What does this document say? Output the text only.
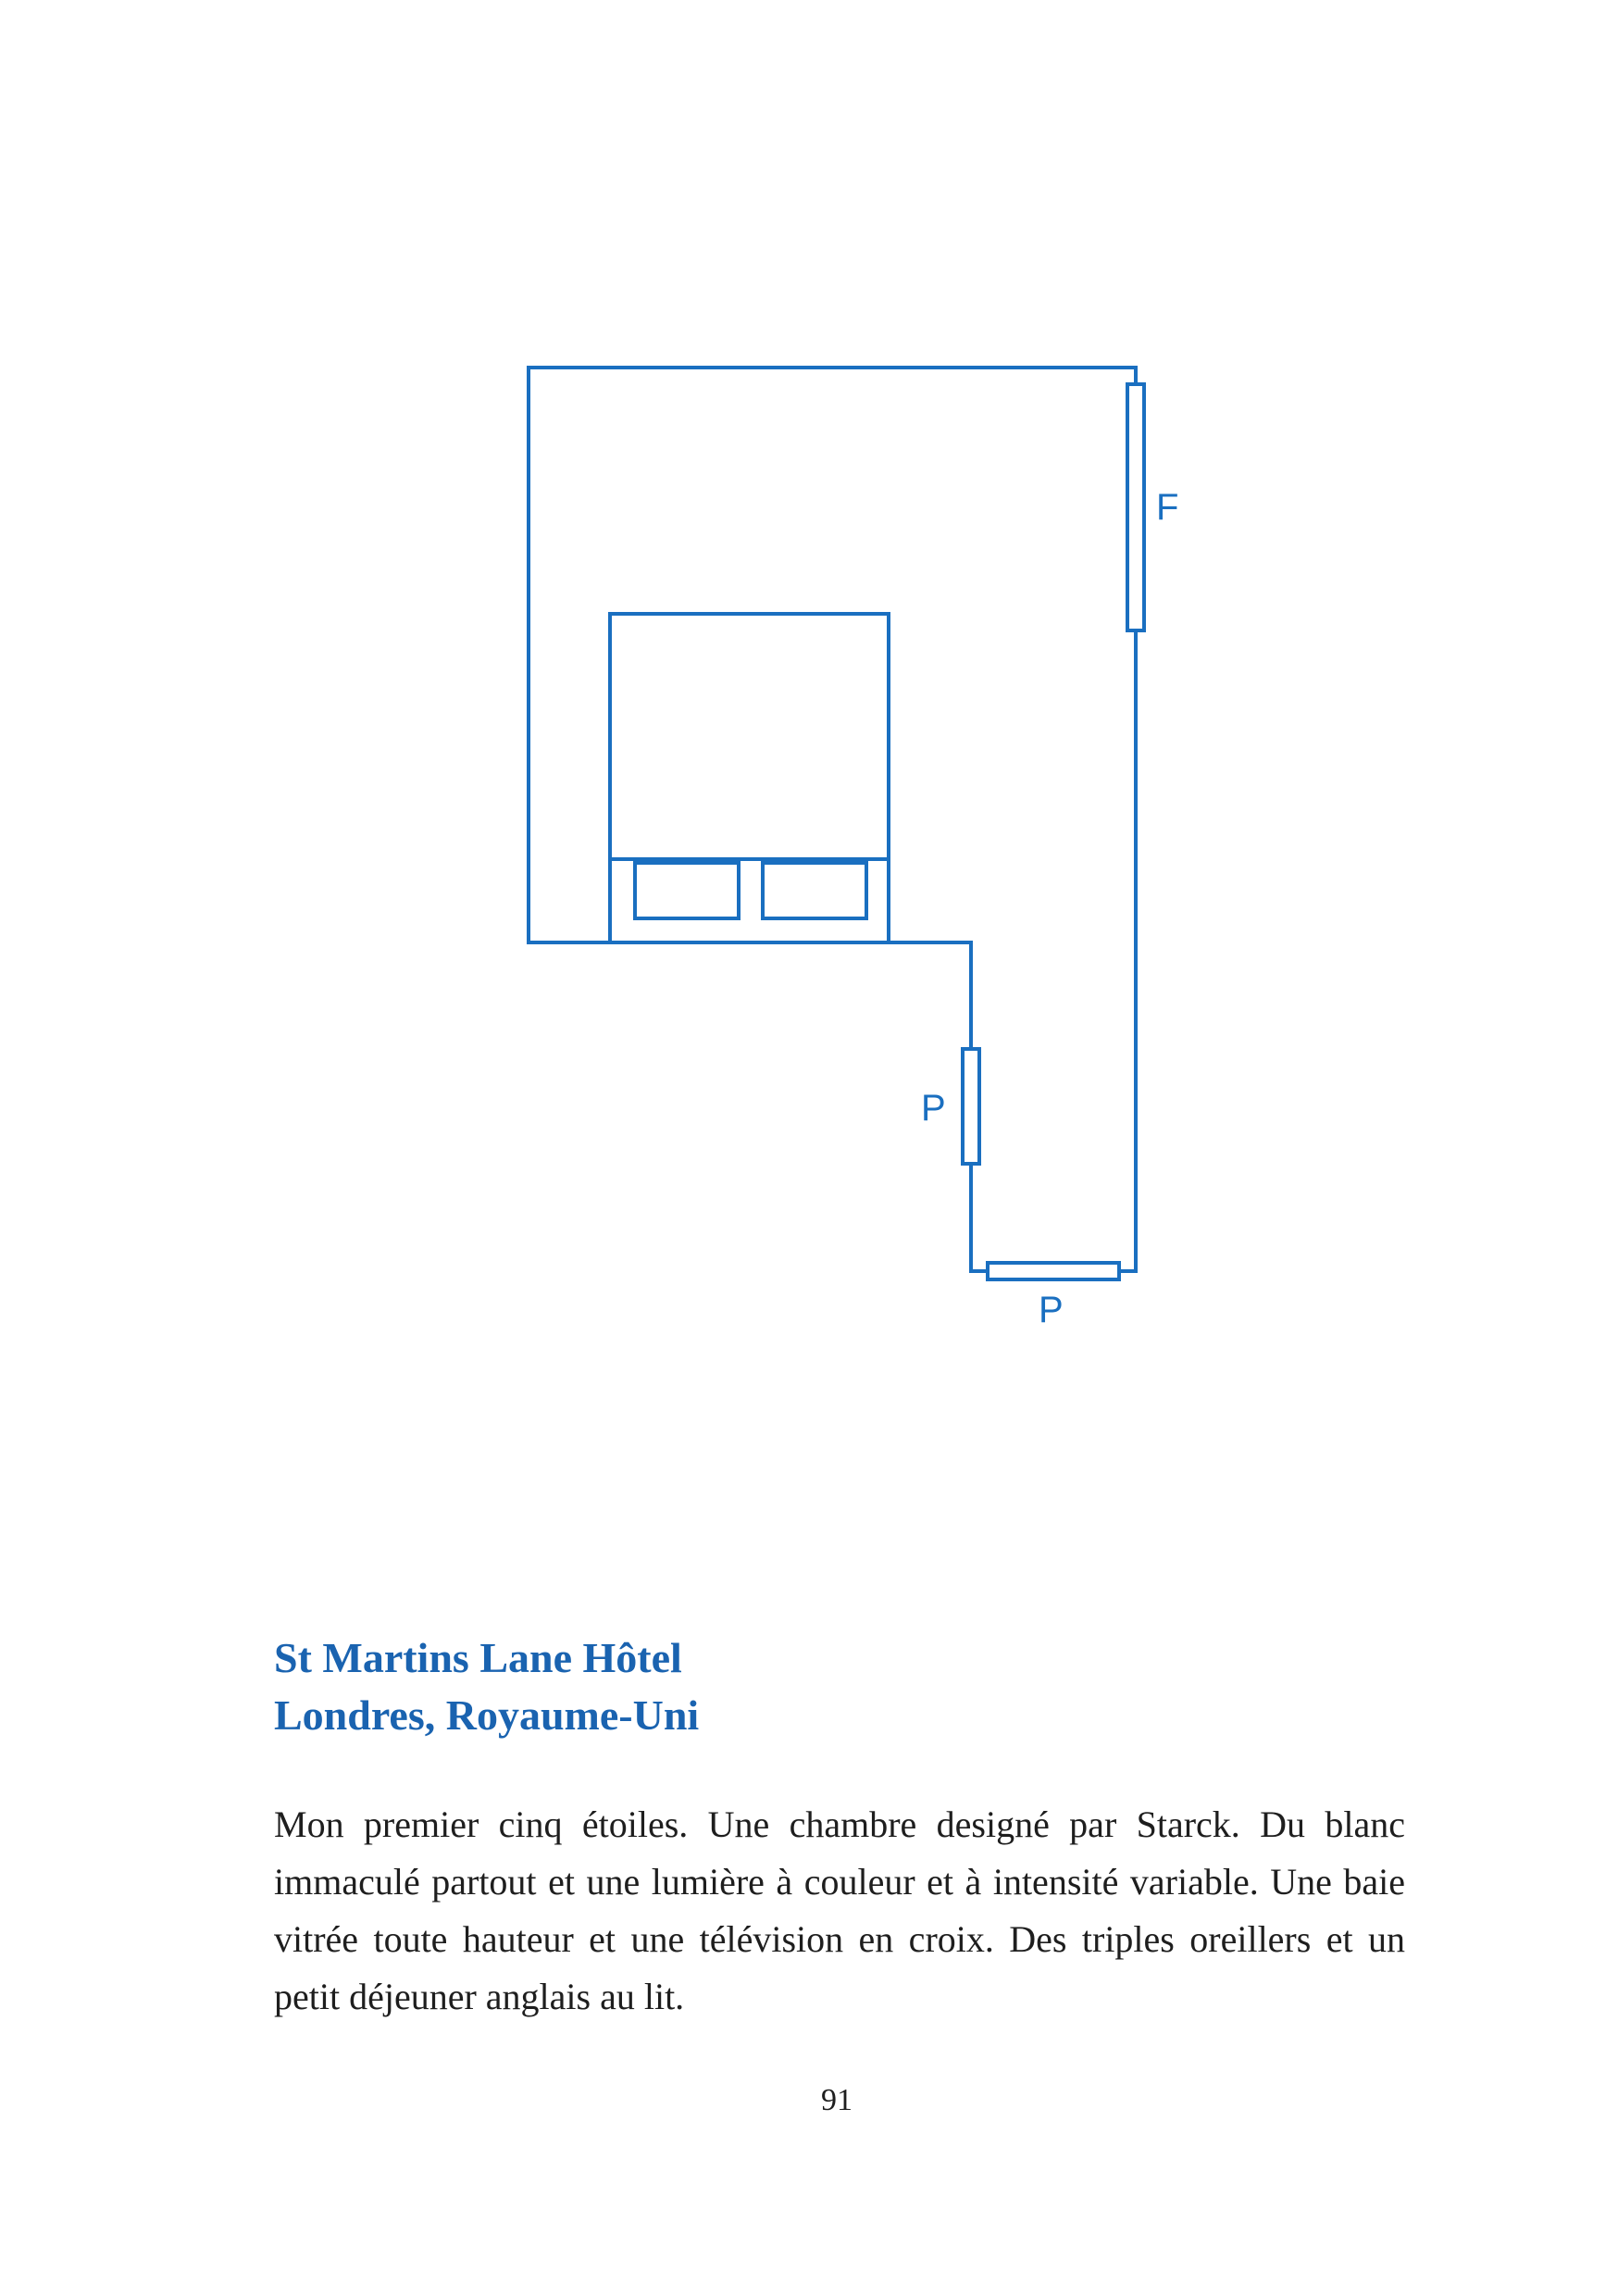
F
P
P
St Martins Lane Hôtel
Londres, Royaume-Uni
Mon premier cinq étoiles. Une chambre designé par Starck. Du blanc immaculé partout et une lumière à couleur et à intensité variable. Une baie vitrée toute hauteur et une télévision en croix. Des triples oreillers et un petit déjeuner anglais au lit.
91
